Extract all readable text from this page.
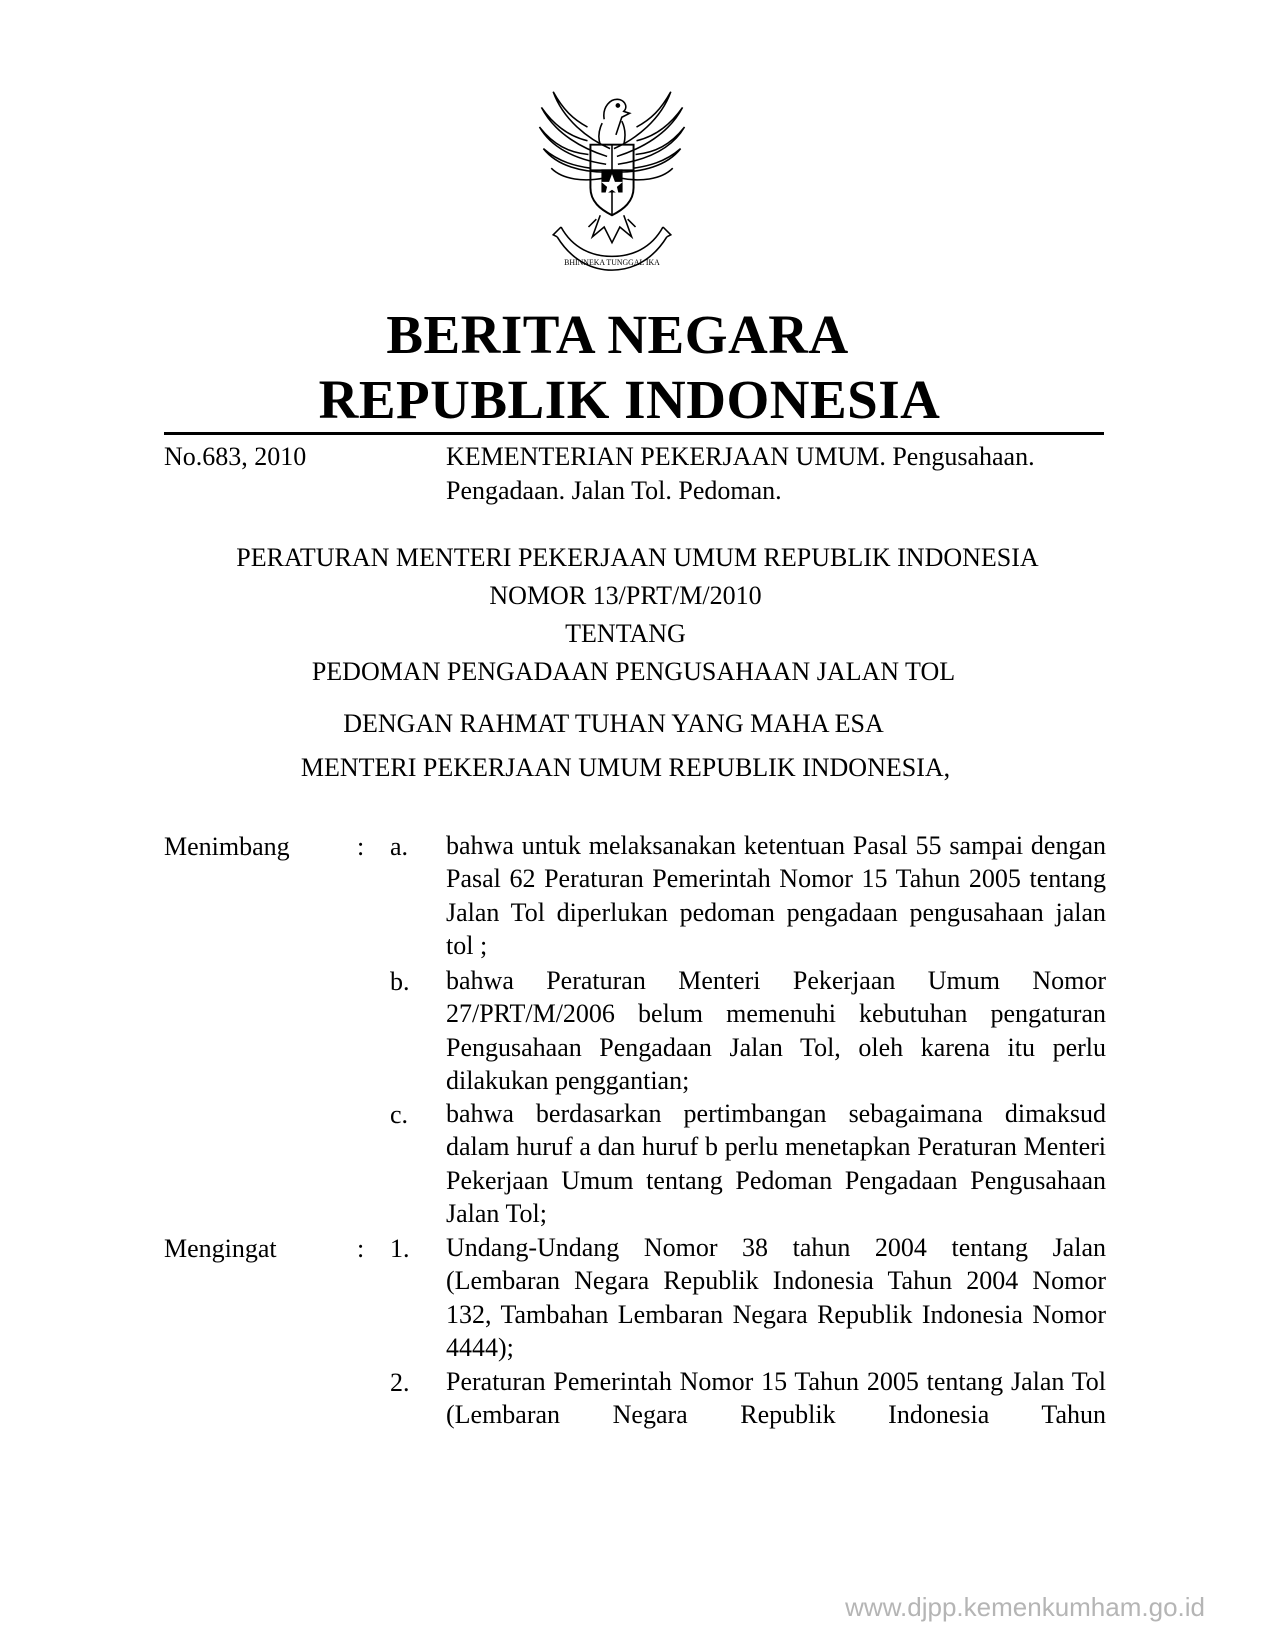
BHINNEKA TUNGGAL IKA
BERITA NEGARA
REPUBLIK INDONESIA
No.683, 2010	KEMENTERIAN PEKERJAAN UMUM. Pengusahaan. Pengadaan. Jalan Tol. Pedoman.
PERATURAN MENTERI PEKERJAAN UMUM REPUBLIK INDONESIA
NOMOR 13/PRT/M/2010
TENTANG
PEDOMAN PENGADAAN PENGUSAHAAN JALAN TOL
DENGAN RAHMAT TUHAN YANG MAHA ESA
MENTERI PEKERJAAN UMUM REPUBLIK INDONESIA,
Menimbang	: a. bahwa untuk melaksanakan ketentuan Pasal 55 sampai dengan Pasal 62 Peraturan Pemerintah Nomor 15 Tahun 2005 tentang Jalan Tol diperlukan pedoman pengadaan pengusahaan jalan tol ;
b. bahwa Peraturan Menteri Pekerjaan Umum Nomor 27/PRT/M/2006 belum memenuhi kebutuhan pengaturan Pengusahaan Pengadaan Jalan Tol, oleh karena itu perlu dilakukan penggantian;
c. bahwa berdasarkan pertimbangan sebagaimana dimaksud dalam huruf a dan huruf b perlu menetapkan Peraturan Menteri Pekerjaan Umum tentang Pedoman Pengadaan Pengusahaan Jalan Tol;
Mengingat	: 1. Undang-Undang Nomor 38 tahun 2004 tentang Jalan (Lembaran Negara Republik Indonesia Tahun 2004 Nomor 132, Tambahan Lembaran Negara Republik Indonesia Nomor 4444);
2. Peraturan Pemerintah Nomor 15 Tahun 2005 tentang Jalan Tol (Lembaran Negara Republik Indonesia Tahun
www.djpp.kemenkumham.go.id
